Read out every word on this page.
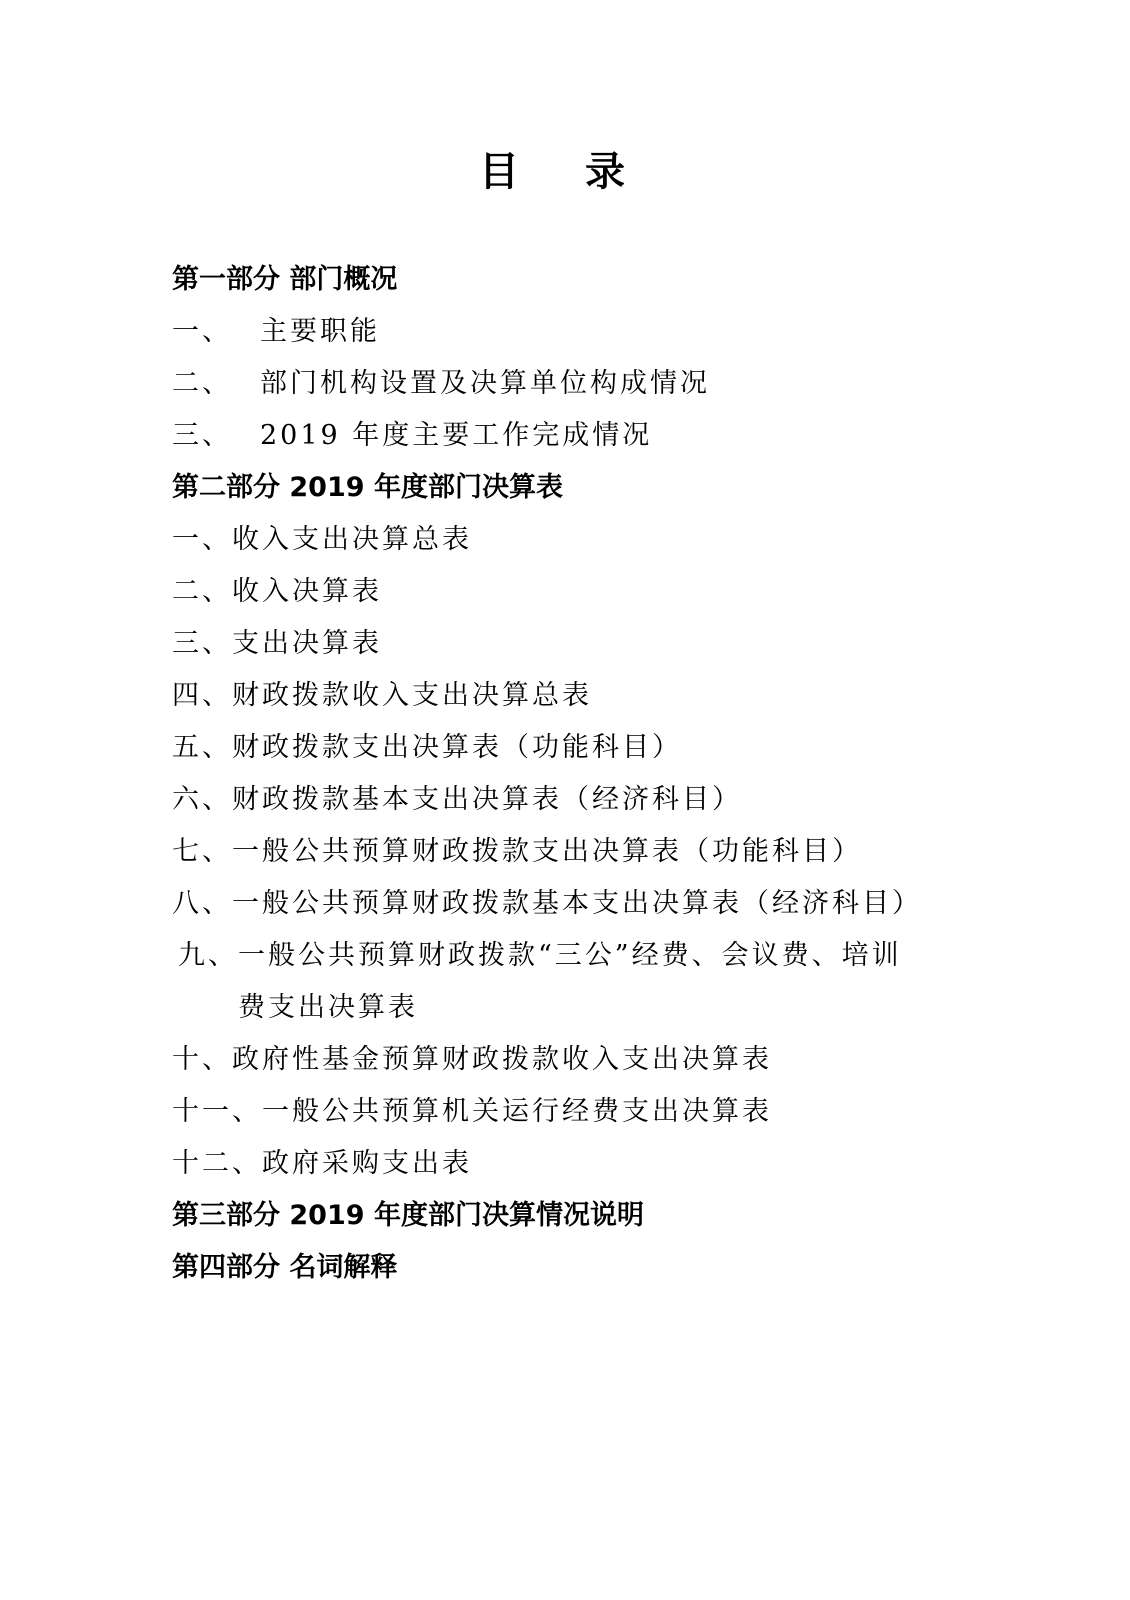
目 录
第一部分 部门概况
一、 主要职能
二、 部门机构设置及决算单位构成情况
三、 2019 年度主要工作完成情况
第二部分 2019 年度部门决算表
一、收入支出决算总表
二、收入决算表
三、支出决算表
四、财政拨款收入支出决算总表
五、财政拨款支出决算表（功能科目）
六、财政拨款基本支出决算表（经济科目）
七、一般公共预算财政拨款支出决算表（功能科目）
八、一般公共预算财政拨款基本支出决算表（经济科目）
九、一般公共预算财政拨款“三公”经费、会议费、培训
费支出决算表
十、政府性基金预算财政拨款收入支出决算表
十一、一般公共预算机关运行经费支出决算表
十二、政府采购支出表
第三部分 2019 年度部门决算情况说明
第四部分 名词解释
